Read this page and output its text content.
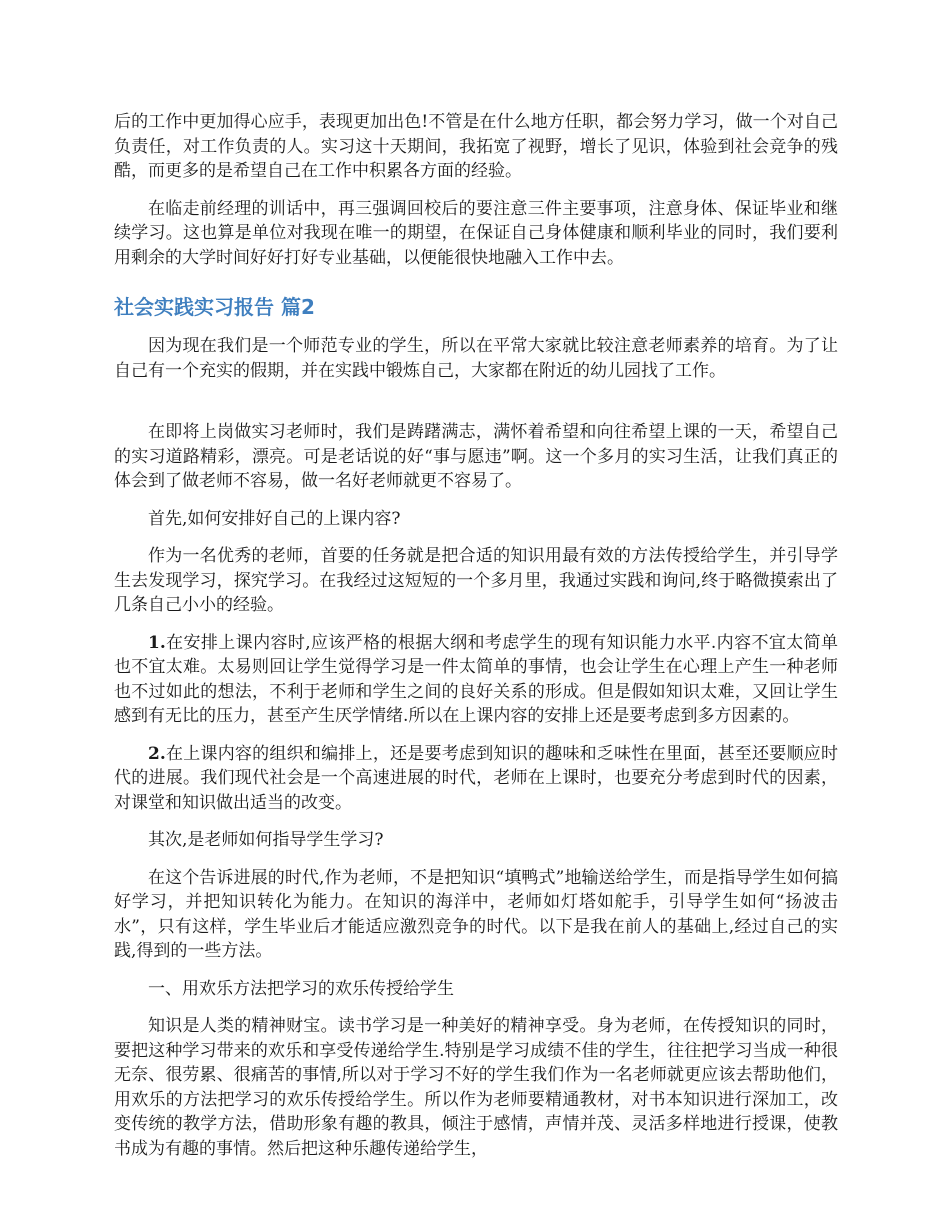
后的工作中更加得心应手，表现更加出色!不管是在什么地方任职，都会努力学习，做一个对自己负责任，对工作负责的人。实习这十天期间，我拓宽了视野，增长了见识，体验到社会竞争的残酷，而更多的是希望自己在工作中积累各方面的经验。

在临走前经理的训话中，再三强调回校后的要注意三件主要事项，注意身体、保证毕业和继续学习。这也算是单位对我现在唯一的期望，在保证自己身体健康和顺利毕业的同时，我们要利用剩余的大学时间好好打好专业基础，以便能很快地融入工作中去。

社会实践实习报告 篇2

因为现在我们是一个师范专业的学生，所以在平常大家就比较注意老师素养的培育。为了让自己有一个充实的假期，并在实践中锻炼自己，大家都在附近的幼儿园找了工作。

在即将上岗做实习老师时，我们是踌躇满志，满怀着希望和向往希望上课的一天，希望自己的实习道路精彩，漂亮。可是老话说的好“事与愿违”啊。这一个多月的实习生活，让我们真正的体会到了做老师不容易，做一名好老师就更不容易了。

首先,如何安排好自己的上课内容?

作为一名优秀的老师，首要的任务就是把合适的知识用最有效的方法传授给学生，并引导学生去发现学习，探究学习。在我经过这短短的一个多月里，我通过实践和询问,终于略微摸索出了几条自己小小的经验。

1.在安排上课内容时,应该严格的根据大纲和考虑学生的现有知识能力水平.内容不宜太简单也不宜太难。太易则回让学生觉得学习是一件太简单的事情，也会让学生在心理上产生一种老师也不过如此的想法，不利于老师和学生之间的良好关系的形成。但是假如知识太难，又回让学生感到有无比的压力，甚至产生厌学情绪.所以在上课内容的安排上还是要考虑到多方因素的。

2.在上课内容的组织和编排上，还是要考虑到知识的趣味和乏味性在里面，甚至还要顺应时代的进展。我们现代社会是一个高速进展的时代，老师在上课时，也要充分考虑到时代的因素，对课堂和知识做出适当的改变。

其次,是老师如何指导学生学习?

在这个告诉进展的时代,作为老师，不是把知识“填鸭式”地输送给学生，而是指导学生如何搞好学习，并把知识转化为能力。在知识的海洋中，老师如灯塔如舵手，引导学生如何“扬波击水”，只有这样，学生毕业后才能适应激烈竞争的时代。以下是我在前人的基础上,经过自己的实践,得到的一些方法。

一、用欢乐方法把学习的欢乐传授给学生

知识是人类的精神财宝。读书学习是一种美好的精神享受。身为老师，在传授知识的同时，要把这种学习带来的欢乐和享受传递给学生.特别是学习成绩不佳的学生，往往把学习当成一种很无奈、很劳累、很痛苦的事情,所以对于学习不好的学生我们作为一名老师就更应该去帮助他们，用欢乐的方法把学习的欢乐传授给学生。所以作为老师要精通教材，对书本知识进行深加工，改变传统的教学方法，借助形象有趣的教具，倾注于感情，声情并茂、灵活多样地进行授课，使教书成为有趣的事情。然后把这种乐趣传递给学生，
